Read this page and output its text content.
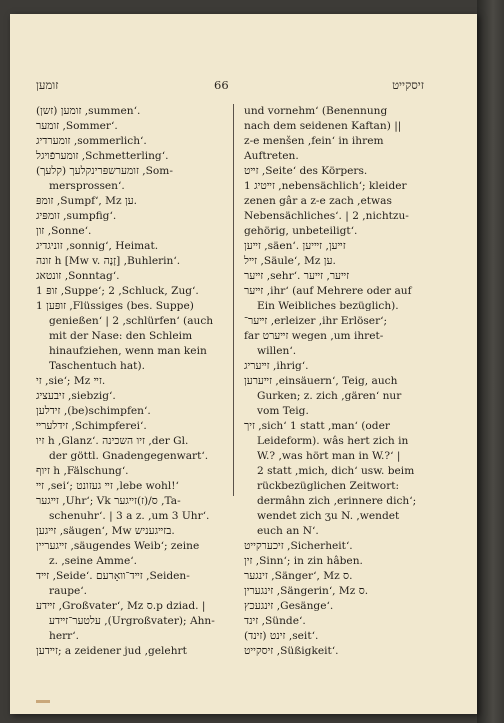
זומען	66	זיסקייט
זומען (זשן) ,summen‘.
זומער ,Sommer‘.
זומערדיג ,sommerlich‘.
זומערפֿױגל ,Schmetterling‘.
זומערשפּרינקלעך (קלעך) ,Som-
mersprossen‘.
זומפּ ,Sumpf‘, Mz ען.
זומפּיג ,sumpfig‘.
זון ,Sonne‘.
זוניגדיג ,sonnig‘, Heimat.
זונה h [Mw v. זָנָה] ,Buhlerin‘.
זונטאג ,Sonntag‘.
זופּ 1 ,Suppe‘; 2 ,Schluck, Zug‘.
זופּען 1 ,Flüssiges (bes. Suppe)
genießen‘ | 2 ,schlürfen‘ (auch
mit der Nase: den Schleim
hinaufziehen, wenn man kein
Taschentuch hat).
זי ,sie‘; Mz זײ.
זיבעציג ,siebzig‘.
זידלען ,(be)schimpfen‘.
זידלערײ ,Schimpferei‘.
זיו h ,Glanz‘. זיו השכינה ,der Gl.
der göttl. Gnadengegenwart‘.
זיוף h ,Fälschung‘.
זײ ,sei‘; זײ געזונט ,lebe wohl!‘
זײגער ,Uhr‘; Vk ס/(ז)זײגער ,Ta-
schenuhr‘. | 3 a z. ,um 3 Uhr‘.
זײגען ,säugen‘, Mw בזײגעניש.
זײגעריין ,säugendes Weib‘; zeine
z. ,seine Amme‘.
זײד ,Seide‘. זײד־װאָרעם ,Seiden-
raupe‘.
זײדע ,Großvater‘, Mz ס.p dziad. |
עלטער־זײדע ,(Urgroßvater); Ahn-
herr‘.
זײדען; a zeidener jud ,gelehrt
und vornehm‘ (Benennung
nach dem seidenen Kaftan) ||
z-e menšen ,fein‘ in ihrem
Auftreten.
זײט ,Seite‘ des Körpers.
זײטיג 1 ,nebensächlich‘; kleider
zenen gâr a z-e zach ,etwas
Nebensächliches‘. | 2 ,nichtzu-
gehörig, unbeteiligt‘.
זײען ,säen‘. זײען, זײיען
זײל ,Säule‘, Mz ען.
זײער ,sehr‘. זײער, זײער
זײער ,ihr‘ (auf Mehrere oder auf
Ein Weibliches bezüglich).
זײער־ ,erleizer ,ihr Erlöser‘;
far זײערט wegen ,um ihret-
willen‘.
זײעריג ,ihrig‘.
זײערען ,einsäuern‘, Teig, auch
Gurken; z. zich ,gären‘ nur
vom Teig.
זיך ,sich‘ 1 statt ,man‘ (oder
Leideform). wâs hert zich in
W.? ,was hört man in W.?‘ |
2 statt ,mich, dich‘ usw. beim
rückbezüglichen Zeitwort:
dermâhn zich ,erinnere dich‘;
wendet zich ʒu N. ,wendet
euch an N‘.
זיכערקייט ,Sicherheit‘.
זין ,Sinn‘; in zin hâben.
זינגער ,Sänger‘, Mz ס.
זינגערין ,Sängerin‘, Mz ס.
זינגעכץ ,Gesänge‘.
זינד ,Sünde‘.
זינט (זינד) ,seit‘.
זיסקייט ,Süßigkeit‘.
